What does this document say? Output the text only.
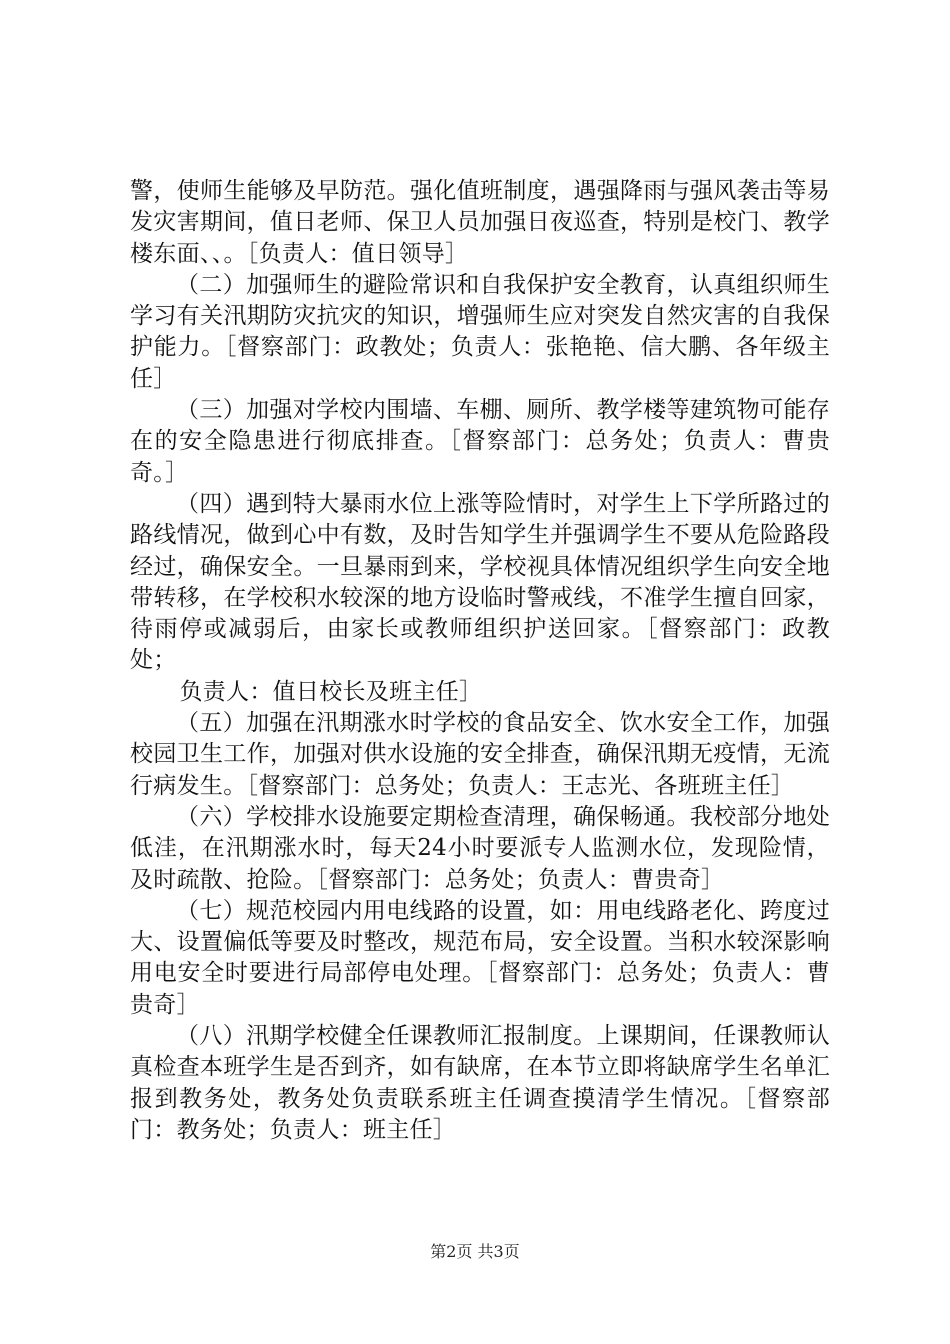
警，使师生能够及早防范。强化值班制度，遇强降雨与强风袭击等易发灾害期间，值日老师、保卫人员加强日夜巡查，特别是校门、教学楼东面、、。［负责人：值日领导］

（二）加强师生的避险常识和自我保护安全教育，认真组织师生学习有关汛期防灾抗灾的知识，增强师生应对突发自然灾害的自我保护能力。［督察部门：政教处；负责人：张艳艳、信大鹏、各年级主任］

（三）加强对学校内围墙、车棚、厕所、教学楼等建筑物可能存在的安全隐患进行彻底排查。［督察部门：总务处；负责人：曹贵奇。］

（四）遇到特大暴雨水位上涨等险情时，对学生上下学所路过的路线情况，做到心中有数，及时告知学生并强调学生不要从危险路段经过，确保安全。一旦暴雨到来，学校视具体情况组织学生向安全地带转移，在学校积水较深的地方设临时警戒线，不准学生擅自回家，待雨停或减弱后，由家长或教师组织护送回家。［督察部门：政教处；

负责人：值日校长及班主任］

（五）加强在汛期涨水时学校的食品安全、饮水安全工作，加强校园卫生工作，加强对供水设施的安全排查，确保汛期无疫情，无流行病发生。［督察部门：总务处；负责人：王志光、各班班主任］

（六）学校排水设施要定期检查清理，确保畅通。我校部分地处低洼，在汛期涨水时，每天24小时要派专人监测水位，发现险情，及时疏散、抢险。［督察部门：总务处；负责人：曹贵奇］

（七）规范校园内用电线路的设置，如：用电线路老化、跨度过大、设置偏低等要及时整改，规范布局，安全设置。当积水较深影响用电安全时要进行局部停电处理。［督察部门：总务处；负责人：曹贵奇］

（八）汛期学校健全任课教师汇报制度。上课期间，任课教师认真检查本班学生是否到齐，如有缺席，在本节立即将缺席学生名单汇报到教务处，教务处负责联系班主任调查摸清学生情况。［督察部门：教务处；负责人：班主任］

第2页 共3页
